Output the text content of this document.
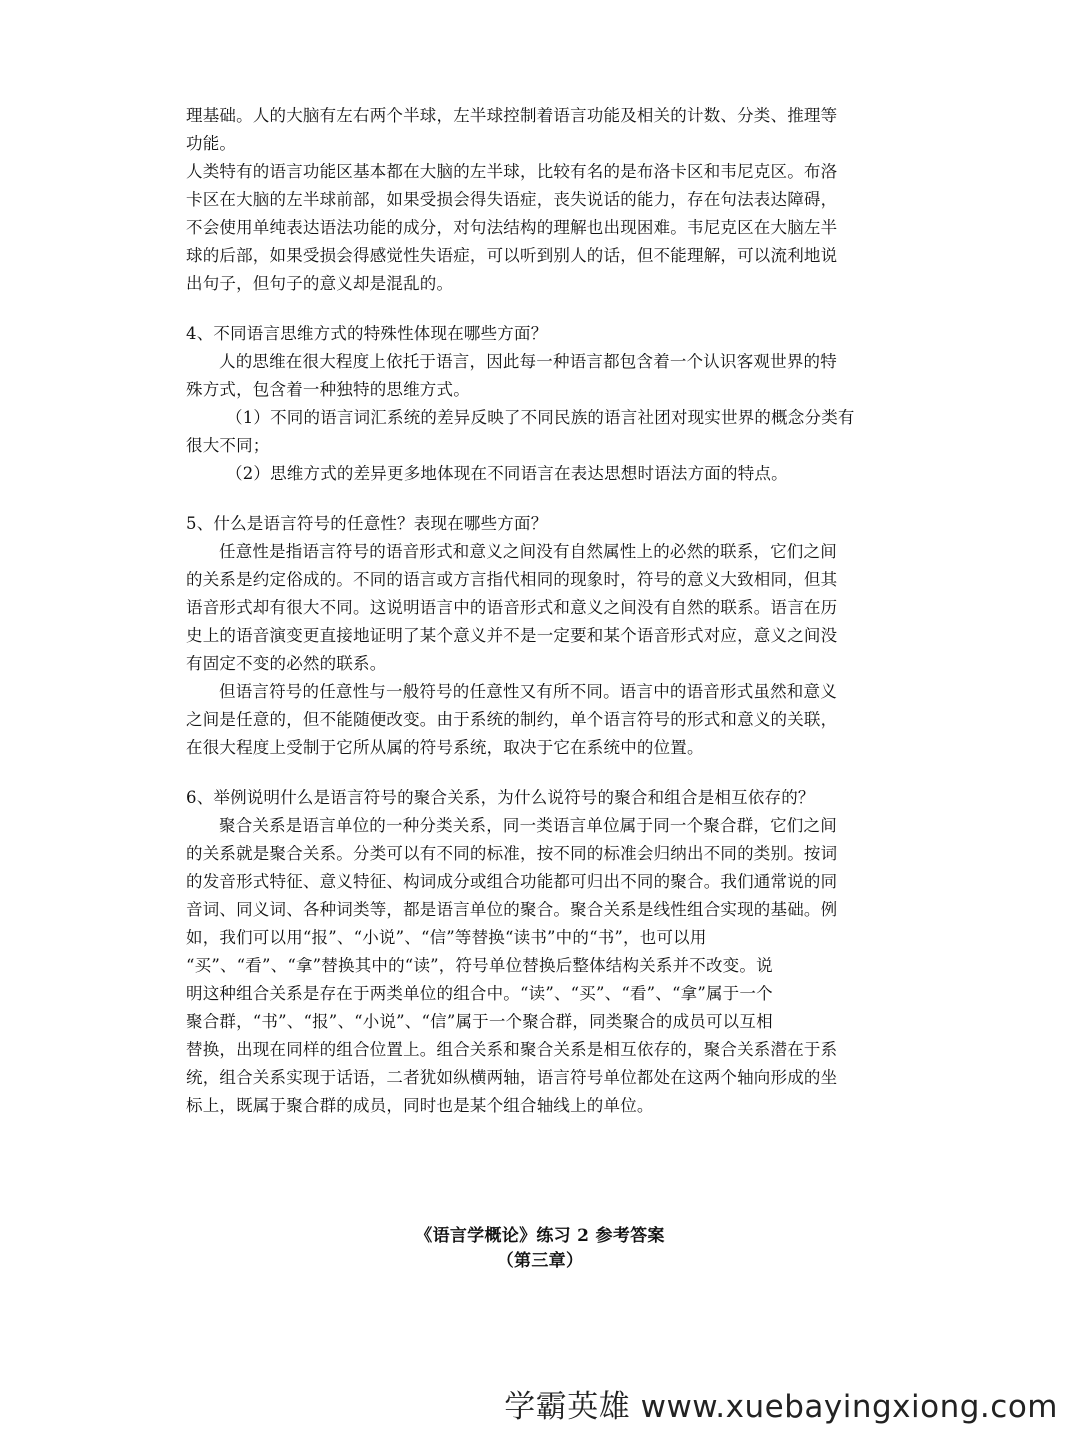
理基础。人的大脑有左右两个半球，左半球控制着语言功能及相关的计数、分类、推理等
功能。
人类特有的语言功能区基本都在大脑的左半球，比较有名的是布洛卡区和韦尼克区。布洛
卡区在大脑的左半球前部，如果受损会得失语症，丧失说话的能力，存在句法表达障碍，
不会使用单纯表达语法功能的成分，对句法结构的理解也出现困难。韦尼克区在大脑左半
球的后部，如果受损会得感觉性失语症，可以听到别人的话，但不能理解，可以流利地说
出句子，但句子的意义却是混乱的。
4、不同语言思维方式的特殊性体现在哪些方面？
人的思维在很大程度上依托于语言，因此每一种语言都包含着一个认识客观世界的特
殊方式，包含着一种独特的思维方式。
（1）不同的语言词汇系统的差异反映了不同民族的语言社团对现实世界的概念分类有
很大不同；
（2）思维方式的差异更多地体现在不同语言在表达思想时语法方面的特点。
5、什么是语言符号的任意性？表现在哪些方面？
任意性是指语言符号的语音形式和意义之间没有自然属性上的必然的联系，它们之间
的关系是约定俗成的。不同的语言或方言指代相同的现象时，符号的意义大致相同，但其
语音形式却有很大不同。这说明语言中的语音形式和意义之间没有自然的联系。语言在历
史上的语音演变更直接地证明了某个意义并不是一定要和某个语音形式对应，意义之间没
有固定不变的必然的联系。
但语言符号的任意性与一般符号的任意性又有所不同。语言中的语音形式虽然和意义
之间是任意的，但不能随便改变。由于系统的制约，单个语言符号的形式和意义的关联，
在很大程度上受制于它所从属的符号系统，取决于它在系统中的位置。
6、举例说明什么是语言符号的聚合关系，为什么说符号的聚合和组合是相互依存的？
聚合关系是语言单位的一种分类关系，同一类语言单位属于同一个聚合群，它们之间
的关系就是聚合关系。分类可以有不同的标准，按不同的标准会归纳出不同的类别。按词
的发音形式特征、意义特征、构词成分或组合功能都可归出不同的聚合。我们通常说的同
音词、同义词、各种词类等，都是语言单位的聚合。聚合关系是线性组合实现的基础。例
如，我们可以用“报”、“小说”、“信”等替换“读书”中的“书”，也可以用
“买”、“看”、“拿”替换其中的“读”，符号单位替换后整体结构关系并不改变。说
明这种组合关系是存在于两类单位的组合中。“读”、“买”、“看”、“拿”属于一个
聚合群，“书”、“报”、“小说”、“信”属于一个聚合群，同类聚合的成员可以互相
替换，出现在同样的组合位置上。组合关系和聚合关系是相互依存的，聚合关系潜在于系
统，组合关系实现于话语，二者犹如纵横两轴，语言符号单位都处在这两个轴向形成的坐
标上，既属于聚合群的成员，同时也是某个组合轴线上的单位。
《语言学概论》练习 2 参考答案
（第三章）
学霸英雄 www.xuebayingxiong.com
